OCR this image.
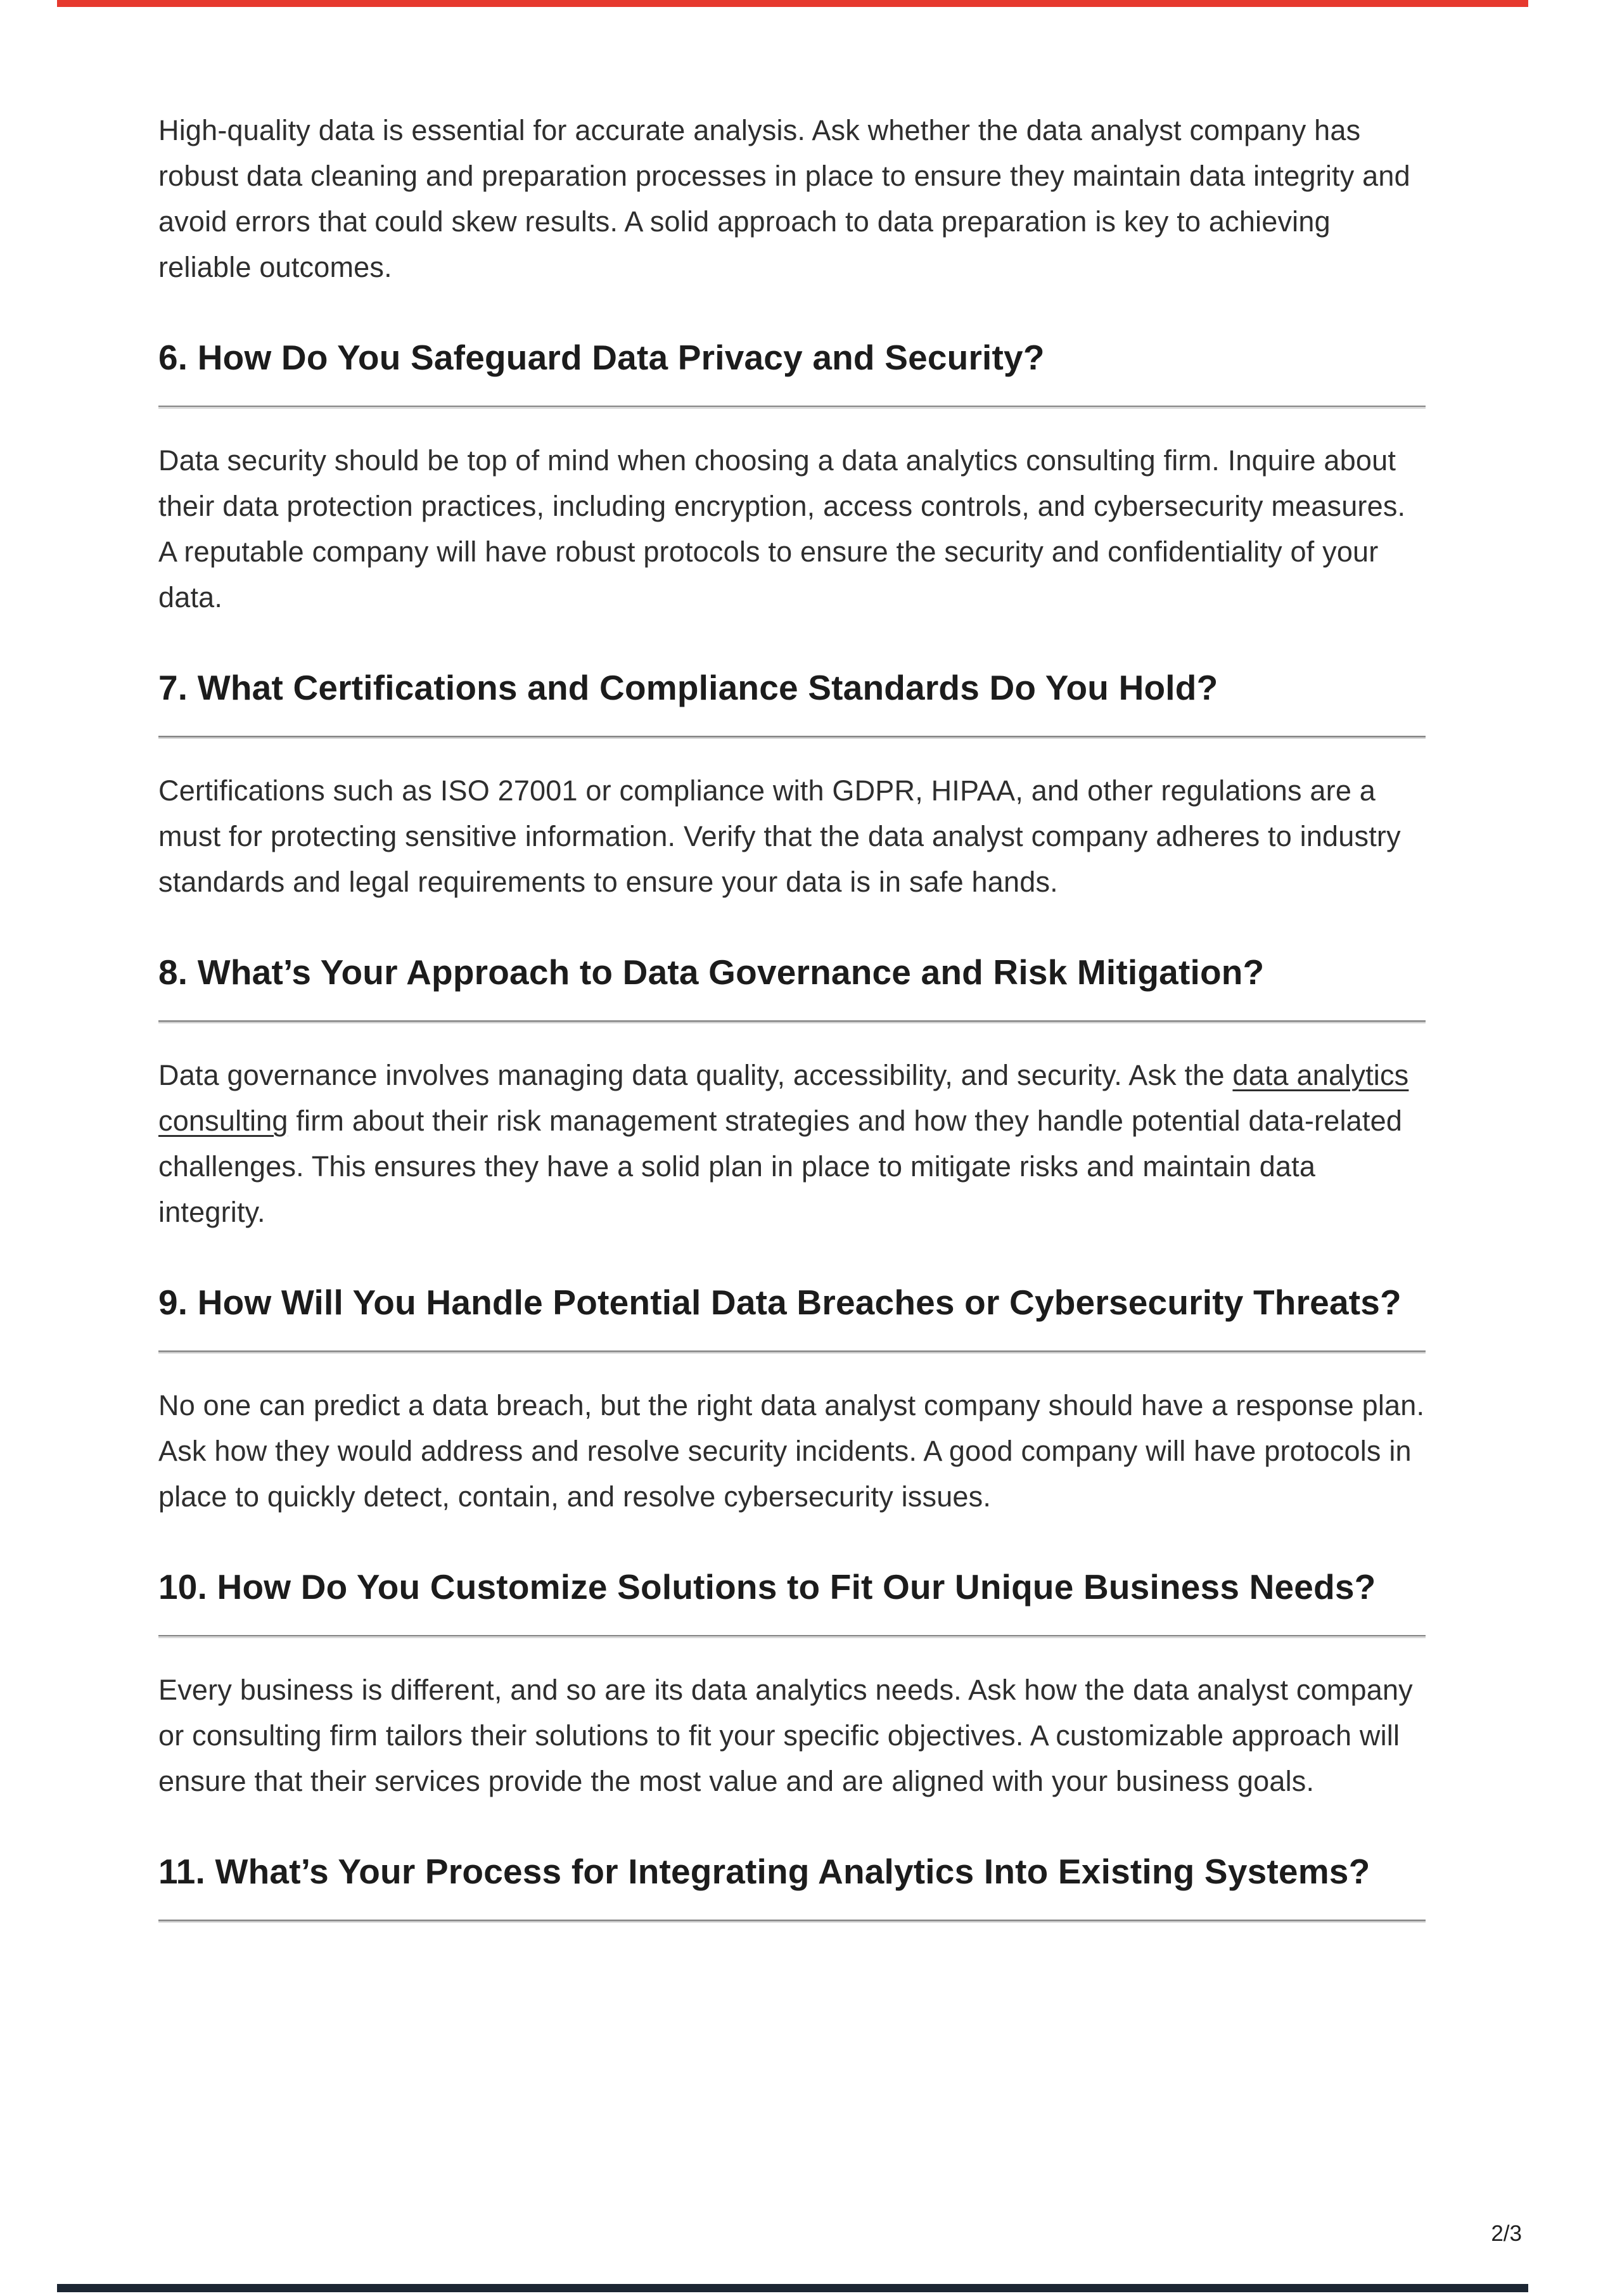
High-quality data is essential for accurate analysis. Ask whether the data analyst company has robust data cleaning and preparation processes in place to ensure they maintain data integrity and avoid errors that could skew results. A solid approach to data preparation is key to achieving reliable outcomes.

6. How Do You Safeguard Data Privacy and Security?

Data security should be top of mind when choosing a data analytics consulting firm. Inquire about their data protection practices, including encryption, access controls, and cybersecurity measures. A reputable company will have robust protocols to ensure the security and confidentiality of your data.

7. What Certifications and Compliance Standards Do You Hold?

Certifications such as ISO 27001 or compliance with GDPR, HIPAA, and other regulations are a must for protecting sensitive information. Verify that the data analyst company adheres to industry standards and legal requirements to ensure your data is in safe hands.

8. What’s Your Approach to Data Governance and Risk Mitigation?

Data governance involves managing data quality, accessibility, and security. Ask the data analytics consulting firm about their risk management strategies and how they handle potential data-related challenges. This ensures they have a solid plan in place to mitigate risks and maintain data integrity.

9. How Will You Handle Potential Data Breaches or Cybersecurity Threats?

No one can predict a data breach, but the right data analyst company should have a response plan. Ask how they would address and resolve security incidents. A good company will have protocols in place to quickly detect, contain, and resolve cybersecurity issues.

10. How Do You Customize Solutions to Fit Our Unique Business Needs?

Every business is different, and so are its data analytics needs. Ask how the data analyst company or consulting firm tailors their solutions to fit your specific objectives. A customizable approach will ensure that their services provide the most value and are aligned with your business goals.

11. What’s Your Process for Integrating Analytics Into Existing Systems?
2/3
